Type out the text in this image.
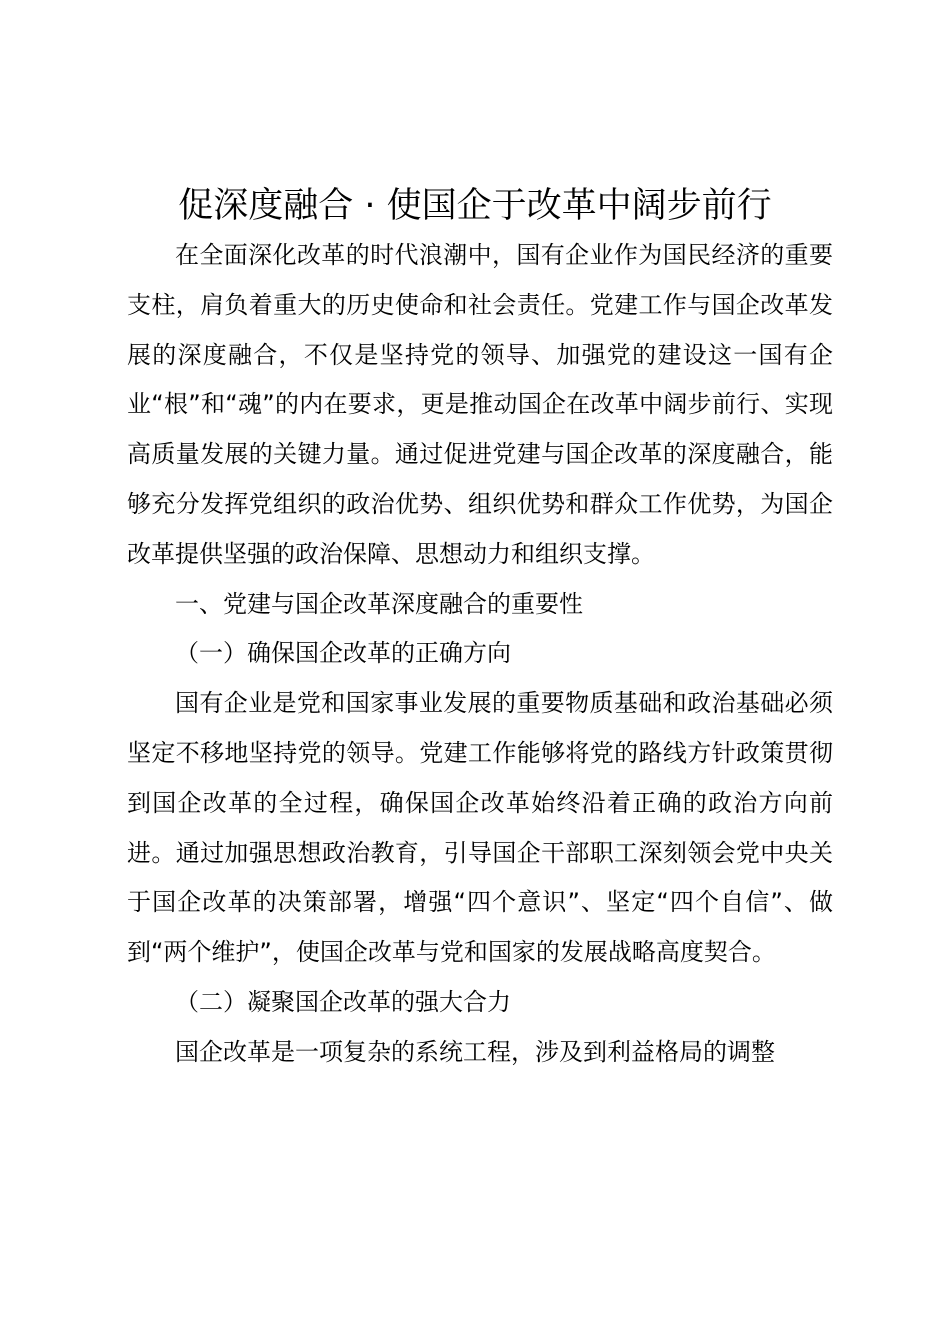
促深度融合 · 使国企于改革中阔步前行

在全面深化改革的时代浪潮中，国有企业作为国民经济的重要支柱，肩负着重大的历史使命和社会责任。党建工作与国企改革发展的深度融合，不仅是坚持党的领导、加强党的建设这一国有企业“根”和“魂”的内在要求，更是推动国企在改革中阔步前行、实现高质量发展的关键力量。通过促进党建与国企改革的深度融合，能够充分发挥党组织的政治优势、组织优势和群众工作优势，为国企改革提供坚强的政治保障、思想动力和组织支撑。

一、党建与国企改革深度融合的重要性

（一）确保国企改革的正确方向

国有企业是党和国家事业发展的重要物质基础和政治基础必须坚定不移地坚持党的领导。党建工作能够将党的路线方针政策贯彻到国企改革的全过程，确保国企改革始终沿着正确的政治方向前进。通过加强思想政治教育，引导国企干部职工深刻领会党中央关于国企改革的决策部署，增强“四个意识”、坚定“四个自信”、做到“两个维护”，使国企改革与党和国家的发展战略高度契合。

（二）凝聚国企改革的强大合力

国企改革是一项复杂的系统工程，涉及到利益格局的调整
